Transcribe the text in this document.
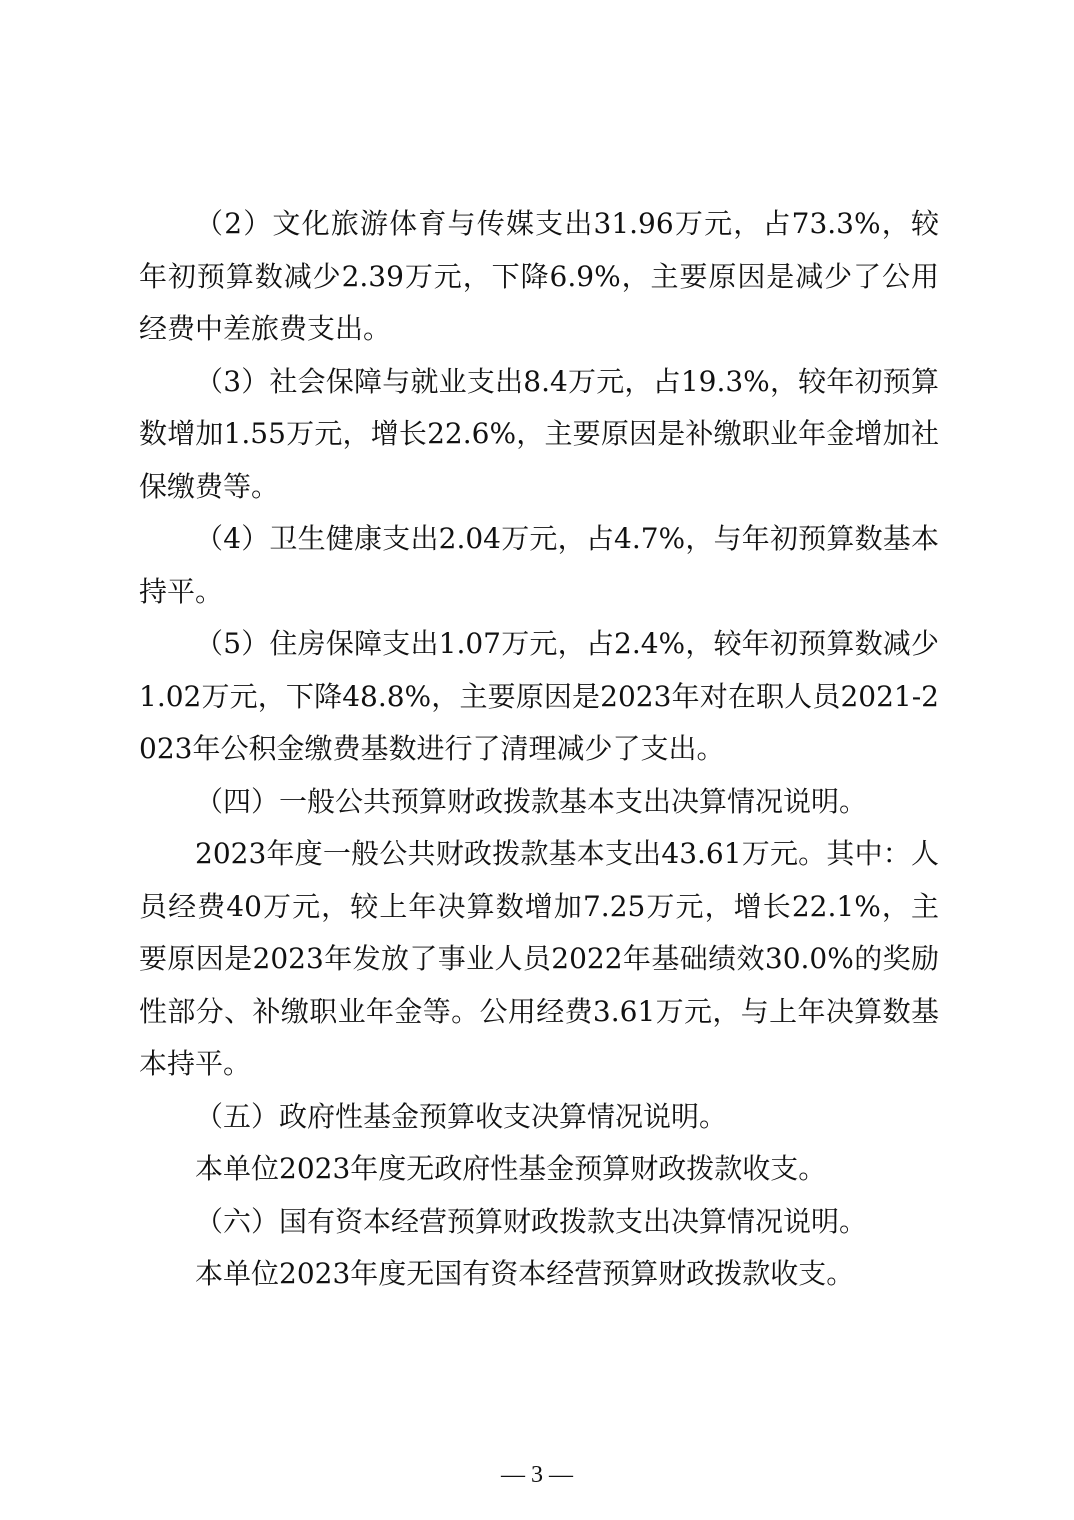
（2）文化旅游体育与传媒支出31.96万元，占73.3%，较年初预算数减少2.39万元，下降6.9%，主要原因是减少了公用经费中差旅费支出。

（3）社会保障与就业支出8.4万元，占19.3%，较年初预算数增加1.55万元，增长22.6%，主要原因是补缴职业年金增加社保缴费等。

（4）卫生健康支出2.04万元，占4.7%，与年初预算数基本持平。

（5）住房保障支出1.07万元，占2.4%，较年初预算数减少1.02万元，下降48.8%，主要原因是2023年对在职人员2021-2023年公积金缴费基数进行了清理减少了支出。

（四）一般公共预算财政拨款基本支出决算情况说明。

2023年度一般公共财政拨款基本支出43.61万元。其中：人员经费40万元，较上年决算数增加7.25万元，增长22.1%，主要原因是2023年发放了事业人员2022年基础绩效30.0%的奖励性部分、补缴职业年金等。公用经费3.61万元，与上年决算数基本持平。

（五）政府性基金预算收支决算情况说明。

本单位2023年度无政府性基金预算财政拨款收支。

（六）国有资本经营预算财政拨款支出决算情况说明。

本单位2023年度无国有资本经营预算财政拨款收支。

— 3 —
